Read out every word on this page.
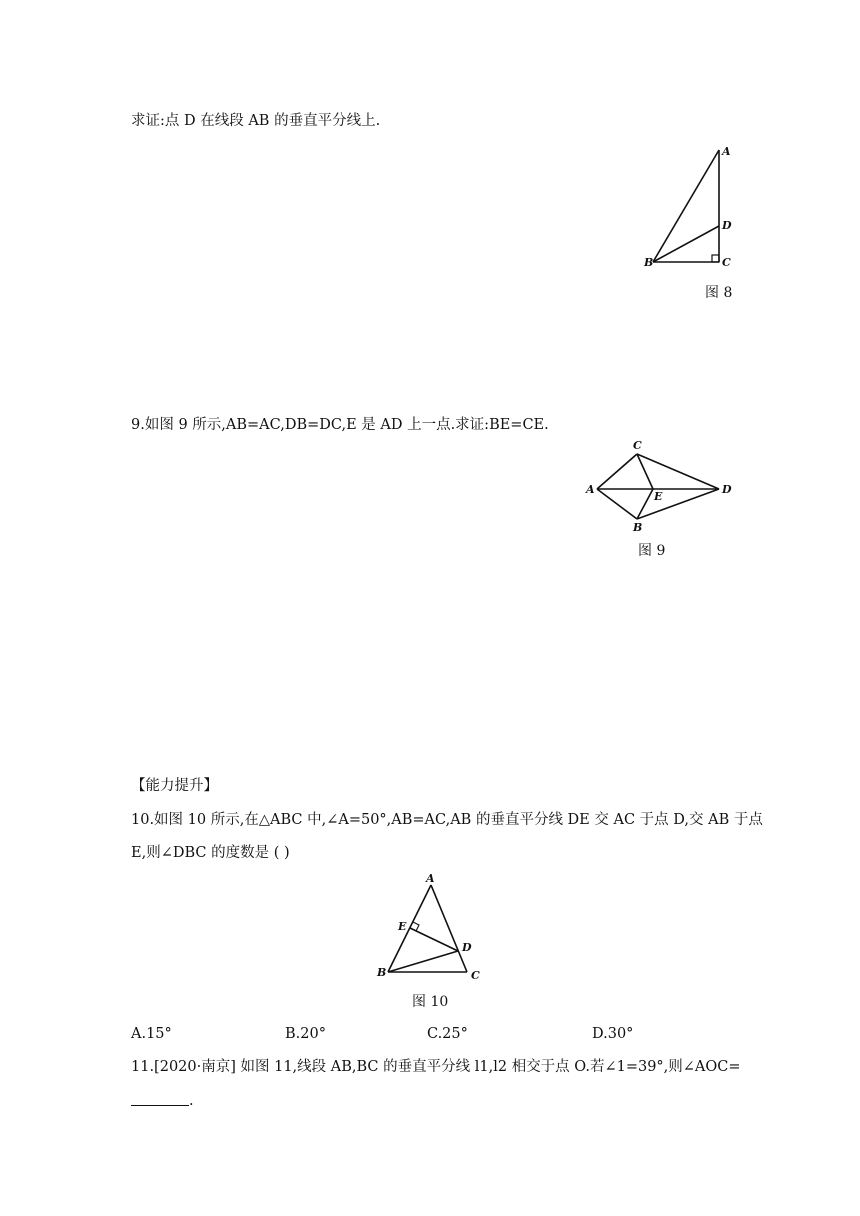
求证:点 D 在线段 AB 的垂直平分线上.
A
D
C
B
图 8
9.如图 9 所示,AB=AC,DB=DC,E 是 AD 上一点.求证:BE=CE.
C
A
E
D
B
图 9
【能力提升】
10.如图 10 所示,在△ABC 中,∠A=50°,AB=AC,AB 的垂直平分线 DE 交 AC 于点 D,交 AB 于点
E,则∠DBC 的度数是 ( )
A
E
D
B	C
图 10
A.15°	B.20°	C.25°	D.30°
11.[2020·南京] 如图 11,线段 AB,BC 的垂直平分线 l1,l2 相交于点 O.若∠1=39°,则∠AOC=
.
